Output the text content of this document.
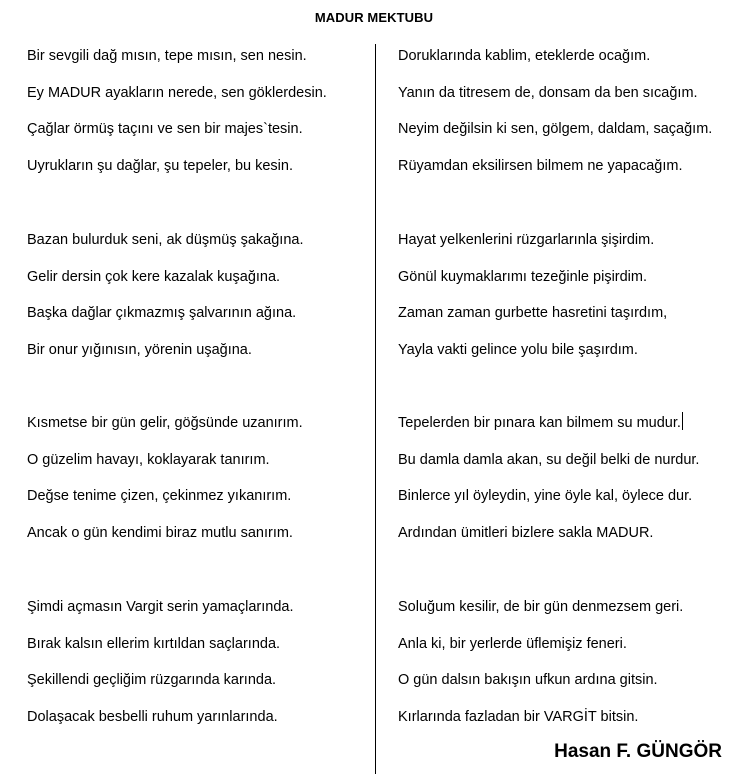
MADUR MEKTUBU
Bir sevgili dağ mısın, tepe mısın, sen nesin.
Ey MADUR ayakların nerede, sen göklerdesin.
Çağlar örmüş taçını ve sen bir majes`tesin.
Uyrukların şu dağlar, şu tepeler, bu kesin.
Bazan bulurduk seni, ak düşmüş şakağına.
Gelir dersin çok kere kazalak kuşağına.
Başka dağlar çıkmazmış şalvarının ağına.
Bir onur yığınısın, yörenin uşağına.
Kısmetse bir gün gelir, göğsünde uzanırım.
O güzelim havayı, koklayarak tanırım.
Değse tenime çizen, çekinmez yıkanırım.
Ancak o gün kendimi biraz mutlu sanırım.
Şimdi açmasın Vargit serin yamaçlarında.
Bırak kalsın ellerim kırtıldan saçlarında.
Şekillendi geçliğim rüzgarında karında.
Dolaşacak besbelli ruhum yarınlarında.
Doruklarında kablim, eteklerde ocağım.
Yanın da titresem de, donsam da ben sıcağım.
Neyim değilsin ki sen, gölgem, daldam, saçağım.
Rüyamdan eksilirsen bilmem ne yapacağım.
Hayat yelkenlerini rüzgarlarınla şişirdim.
Gönül kuymaklarımı tezeğinle pişirdim.
Zaman zaman gurbette hasretini taşırdım,
Yayla vakti gelince yolu bile şaşırdım.
Tepelerden bir pınara kan bilmem su mudur.
Bu damla damla akan, su değil belki de nurdur.
Binlerce yıl öyleydin, yine öyle kal, öylece dur.
Ardından ümitleri bizlere sakla MADUR.
Soluğum kesilir, de bir gün denmezsem geri.
Anla ki, bir yerlerde üflemişiz feneri.
O gün dalsın bakışın ufkun ardına gitsin.
Kırlarında fazladan bir VARGİT bitsin.
Hasan F. GÜNGÖR
